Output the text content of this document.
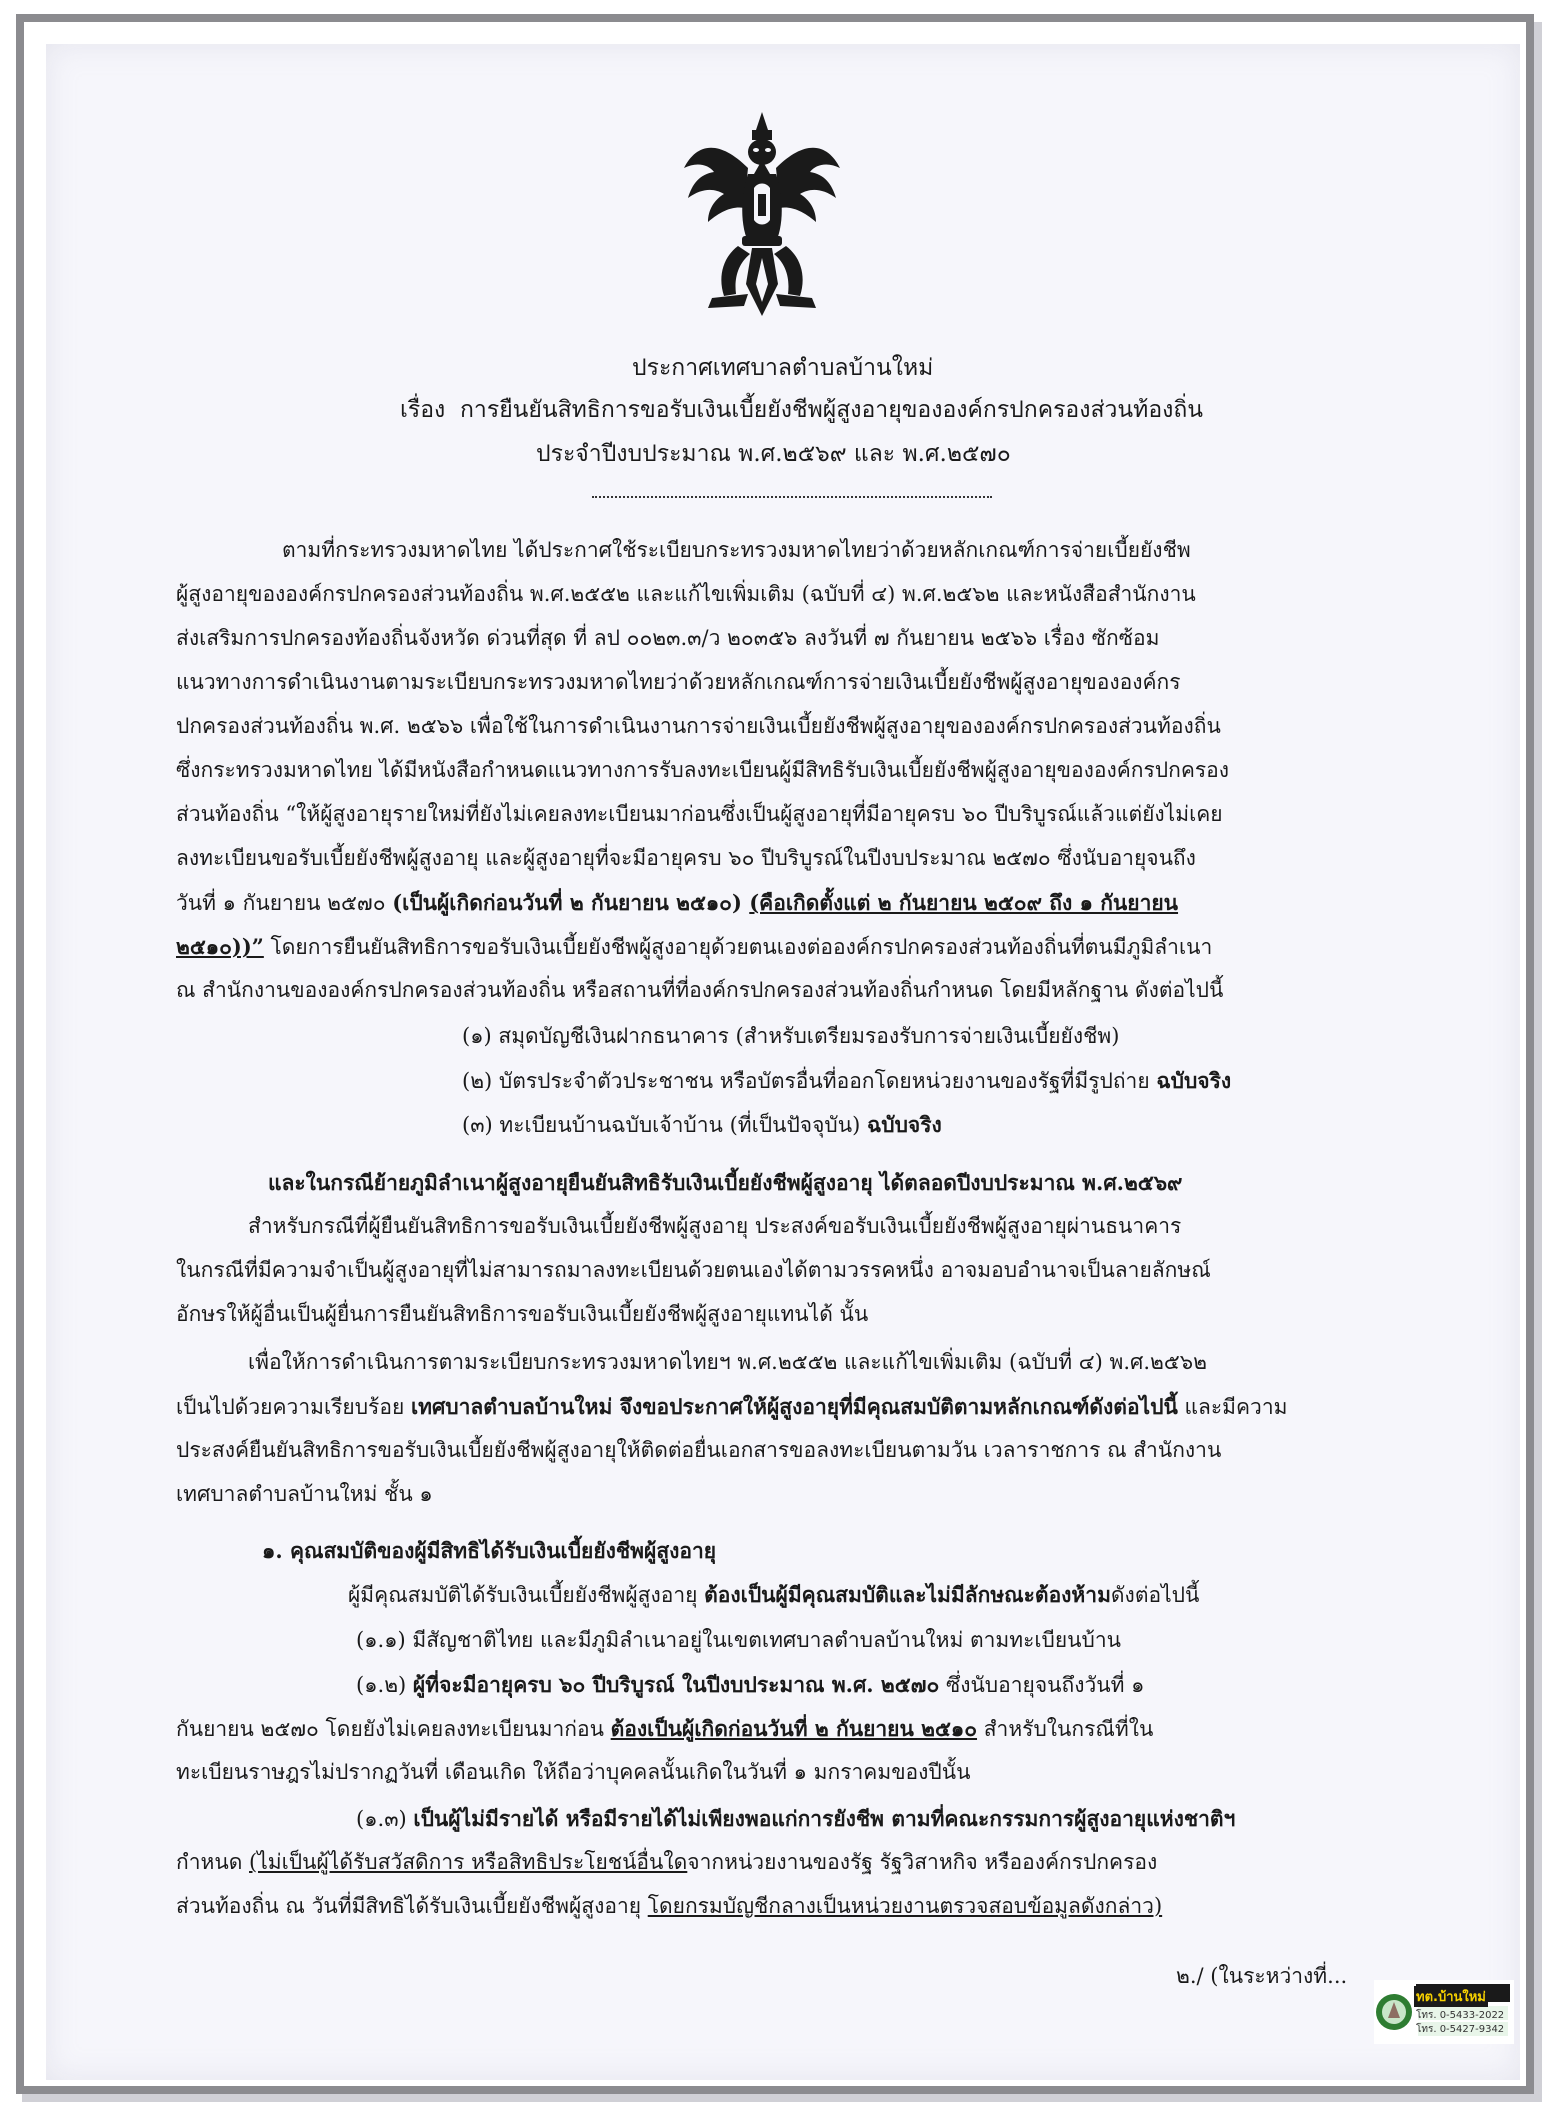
ประกาศเทศบาลตำบลบ้านใหม่
เรื่อง การยืนยันสิทธิการขอรับเงินเบี้ยยังชีพผู้สูงอายุขององค์กรปกครองส่วนท้องถิ่น
ประจำปีงบประมาณ พ.ศ.๒๕๖๙ และ พ.ศ.๒๕๗๐
ตามที่กระทรวงมหาดไทย ได้ประกาศใช้ระเบียบกระทรวงมหาดไทยว่าด้วยหลักเกณฑ์การจ่ายเบี้ยยังชีพ
ผู้สูงอายุขององค์กรปกครองส่วนท้องถิ่น พ.ศ.๒๕๕๒ และแก้ไขเพิ่มเติม (ฉบับที่ ๔) พ.ศ.๒๕๖๒ และหนังสือสำนักงาน
ส่งเสริมการปกครองท้องถิ่นจังหวัด ด่วนที่สุด ที่ ลป ๐๐๒๓.๓/ว ๒๐๓๕๖ ลงวันที่ ๗ กันยายน ๒๕๖๖ เรื่อง ซักซ้อม
แนวทางการดำเนินงานตามระเบียบกระทรวงมหาดไทยว่าด้วยหลักเกณฑ์การจ่ายเงินเบี้ยยังชีพผู้สูงอายุขององค์กร
ปกครองส่วนท้องถิ่น พ.ศ. ๒๕๖๖ เพื่อใช้ในการดำเนินงานการจ่ายเงินเบี้ยยังชีพผู้สูงอายุขององค์กรปกครองส่วนท้องถิ่น
ซึ่งกระทรวงมหาดไทย ได้มีหนังสือกำหนดแนวทางการรับลงทะเบียนผู้มีสิทธิรับเงินเบี้ยยังชีพผู้สูงอายุขององค์กรปกครอง
ส่วนท้องถิ่น “ให้ผู้สูงอายุรายใหม่ที่ยังไม่เคยลงทะเบียนมาก่อนซึ่งเป็นผู้สูงอายุที่มีอายุครบ ๖๐ ปีบริบูรณ์แล้วแต่ยังไม่เคย
ลงทะเบียนขอรับเบี้ยยังชีพผู้สูงอายุ และผู้สูงอายุที่จะมีอายุครบ ๖๐ ปีบริบูรณ์ในปีงบประมาณ ๒๕๗๐ ซึ่งนับอายุจนถึง
วันที่ ๑ กันยายน ๒๕๗๐ (เป็นผู้เกิดก่อนวันที่ ๒ กันยายน ๒๕๑๐) (คือเกิดตั้งแต่ ๒ กันยายน ๒๕๐๙ ถึง ๑ กันยายน
๒๕๑๐))” โดยการยืนยันสิทธิการขอรับเงินเบี้ยยังชีพผู้สูงอายุด้วยตนเองต่อองค์กรปกครองส่วนท้องถิ่นที่ตนมีภูมิลำเนา
ณ สำนักงานขององค์กรปกครองส่วนท้องถิ่น หรือสถานที่ที่องค์กรปกครองส่วนท้องถิ่นกำหนด โดยมีหลักฐาน ดังต่อไปนี้
(๑) สมุดบัญชีเงินฝากธนาคาร (สำหรับเตรียมรองรับการจ่ายเงินเบี้ยยังชีพ)
(๒) บัตรประจำตัวประชาชน หรือบัตรอื่นที่ออกโดยหน่วยงานของรัฐที่มีรูปถ่าย ฉบับจริง
(๓) ทะเบียนบ้านฉบับเจ้าบ้าน (ที่เป็นปัจจุบัน) ฉบับจริง
และในกรณีย้ายภูมิลำเนาผู้สูงอายุยืนยันสิทธิรับเงินเบี้ยยังชีพผู้สูงอายุ ได้ตลอดปีงบประมาณ พ.ศ.๒๕๖๙
สำหรับกรณีที่ผู้ยืนยันสิทธิการขอรับเงินเบี้ยยังชีพผู้สูงอายุ ประสงค์ขอรับเงินเบี้ยยังชีพผู้สูงอายุผ่านธนาคาร
ในกรณีที่มีความจำเป็นผู้สูงอายุที่ไม่สามารถมาลงทะเบียนด้วยตนเองได้ตามวรรคหนึ่ง อาจมอบอำนาจเป็นลายลักษณ์
อักษรให้ผู้อื่นเป็นผู้ยื่นการยืนยันสิทธิการขอรับเงินเบี้ยยังชีพผู้สูงอายุแทนได้ นั้น
เพื่อให้การดำเนินการตามระเบียบกระทรวงมหาดไทยฯ พ.ศ.๒๕๕๒ และแก้ไขเพิ่มเติม (ฉบับที่ ๔) พ.ศ.๒๕๖๒
เป็นไปด้วยความเรียบร้อย เทศบาลตำบลบ้านใหม่ จึงขอประกาศให้ผู้สูงอายุที่มีคุณสมบัติตามหลักเกณฑ์ดังต่อไปนี้ และมีความ
ประสงค์ยืนยันสิทธิการขอรับเงินเบี้ยยังชีพผู้สูงอายุให้ติดต่อยื่นเอกสารขอลงทะเบียนตามวัน เวลาราชการ ณ สำนักงาน
เทศบาลตำบลบ้านใหม่ ชั้น ๑
๑. คุณสมบัติของผู้มีสิทธิได้รับเงินเบี้ยยังชีพผู้สูงอายุ
ผู้มีคุณสมบัติได้รับเงินเบี้ยยังชีพผู้สูงอายุ ต้องเป็นผู้มีคุณสมบัติและไม่มีลักษณะต้องห้ามดังต่อไปนี้
(๑.๑) มีสัญชาติไทย และมีภูมิลำเนาอยู่ในเขตเทศบาลตำบลบ้านใหม่ ตามทะเบียนบ้าน
(๑.๒) ผู้ที่จะมีอายุครบ ๖๐ ปีบริบูรณ์ ในปีงบประมาณ พ.ศ. ๒๕๗๐ ซึ่งนับอายุจนถึงวันที่ ๑
กันยายน ๒๕๗๐ โดยยังไม่เคยลงทะเบียนมาก่อน ต้องเป็นผู้เกิดก่อนวันที่ ๒ กันยายน ๒๕๑๐ สำหรับในกรณีที่ใน
ทะเบียนราษฎรไม่ปรากฏวันที่ เดือนเกิด ให้ถือว่าบุคคลนั้นเกิดในวันที่ ๑ มกราคมของปีนั้น
(๑.๓) เป็นผู้ไม่มีรายได้ หรือมีรายได้ไม่เพียงพอแก่การยังชีพ ตามที่คณะกรรมการผู้สูงอายุแห่งชาติฯ
กำหนด (ไม่เป็นผู้ได้รับสวัสดิการ หรือสิทธิประโยชน์อื่นใดจากหน่วยงานของรัฐ รัฐวิสาหกิจ หรือองค์กรปกครอง
ส่วนท้องถิ่น ณ วันที่มีสิทธิได้รับเงินเบี้ยยังชีพผู้สูงอายุ โดยกรมบัญชีกลางเป็นหน่วยงานตรวจสอบข้อมูลดังกล่าว)
๒./ (ในระหว่างที่...
ทต.บ้านใหม่
โทร. 0-5433-2022
โทร. 0-5427-9342
